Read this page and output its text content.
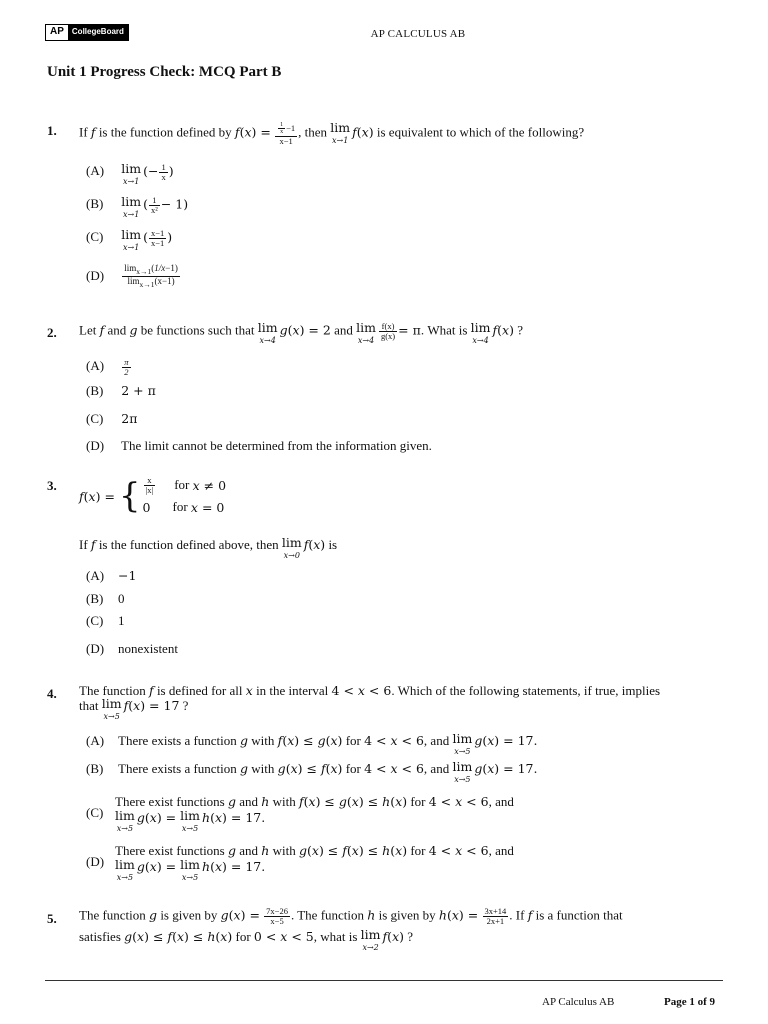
AP	CollegeBoard	AP CALCULUS AB
Unit 1 Progress Check: MCQ Part B
1. If f is the function defined by $f(x) = \frac{\frac{1}{x} -1}{x-1}$ , then lim
x→1
f(x) is equivalent to which of the following?
(A) lim
x→1
(− $\frac{1}{x}$ )
(B) lim
x→1
( $\frac{1}{\text{x²}} - 1$)
(C) lim
x→1
( $\frac{x-1}{x-1}$ )
$(D) \frac{\lim_{x\to 1}(1/x-1)}{\lim_{x\to 1}(x-1)}$
2. Let f and g be functions such that lim
x→4
g(x) = 2 and lim
$x\to 4 \frac{f(x)}{g(x)} = \pi$. What is lim
x→4
f(x) ?
$(A) \frac{\pi}{2}$
(B) 2 + π
(C) 2π
(D) The limit cannot be determined from the information given.
3.
f ( x ) = { $\frac{x}{|x|}$ for
x ≠ 0
0 for
x = 0
If f is the function defined above, then lim
x→0
f(x) is
(A) −1
(B) 0
(C) 1
(D) nonexistent
4. The function f is defined for all x in the interval 4 < x < 6. Which of the following statements, if true, implies
that lim
x→5
f(x) = 17 ?
(A) There exists a function g with f(x) ≤ g(x) for 4 < x < 6, and lim
x→5
g(x) = 17.
(B) There exists a function g with g(x) ≤ f(x) for 4 < x < 6, and lim
x→5
g(x) = 17.
(C)
There exist functions g and h with f(x) ≤ g(x) ≤ h(x) for 4 < x < 6, and
lim
x→5
g(x) = lim
x→5
h(x) = 17.
(D)
There exist functions g and h with g(x) ≤ f(x) ≤ h(x) for 4 < x < 6, and
lim
x→5
g(x) = lim
x→5
h(x) = 17.
5. The function g is given by $g(x) = \frac{7x-26}{x-5}$ . The function h is given by $h(x) = \frac{3x+14}{2x+1}$ . If f is a function that
satisfies g(x) ≤ f(x) ≤ h(x) for 0 < x < 5, what is lim
x→2
f(x) ?
AP Calculus AB	Page 1 of 9
